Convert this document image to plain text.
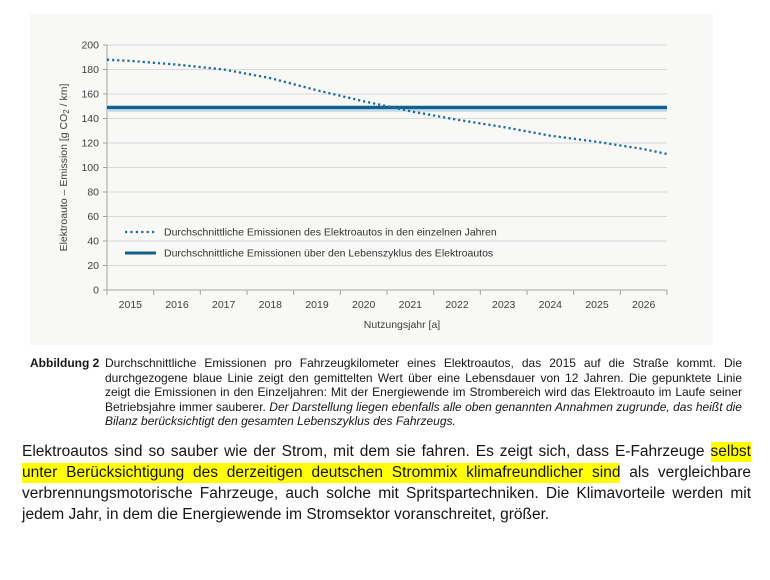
0
20
40
60
80
100
120
140
160
180
200
2015 2016 2017 2018 2019 2020 2021 2022 2023 2024 2025 2026
Nutzungsjahr [a]
Elektroauto – Emission [g CO2 / km]
Durchschnittliche Emissionen des Elektroautos in den einzelnen Jahren
Durchschnittliche Emissionen über den Lebenszyklus des Elektroautos
Abbildung 2 Durchschnittliche Emissionen pro Fahrzeugkilometer eines Elektroautos, das 2015 auf die Straße kommt. Die durchgezogene blaue Linie zeigt den gemittelten Wert über eine Lebensdauer von 12 Jahren. Die gepunktete Linie zeigt die Emissionen in den Einzeljahren: Mit der Energiewende im Strombereich wird das Elektroauto im Laufe seiner Betriebsjahre immer sauberer. Der Darstellung liegen ebenfalls alle oben genannten Annahmen zugrunde, das heißt die Bilanz berücksichtigt den gesamten Lebenszyklus des Fahrzeugs.

Elektroautos sind so sauber wie der Strom, mit dem sie fahren. Es zeigt sich, dass E-Fahrzeuge selbst unter Berücksichtigung des derzeitigen deutschen Strommix klimafreundlicher sind als vergleichbare verbrennungsmotorische Fahrzeuge, auch solche mit Spritspartechniken. Die Klimavorteile werden mit jedem Jahr, in dem die Energiewende im Stromsektor voranschreitet, größer.
